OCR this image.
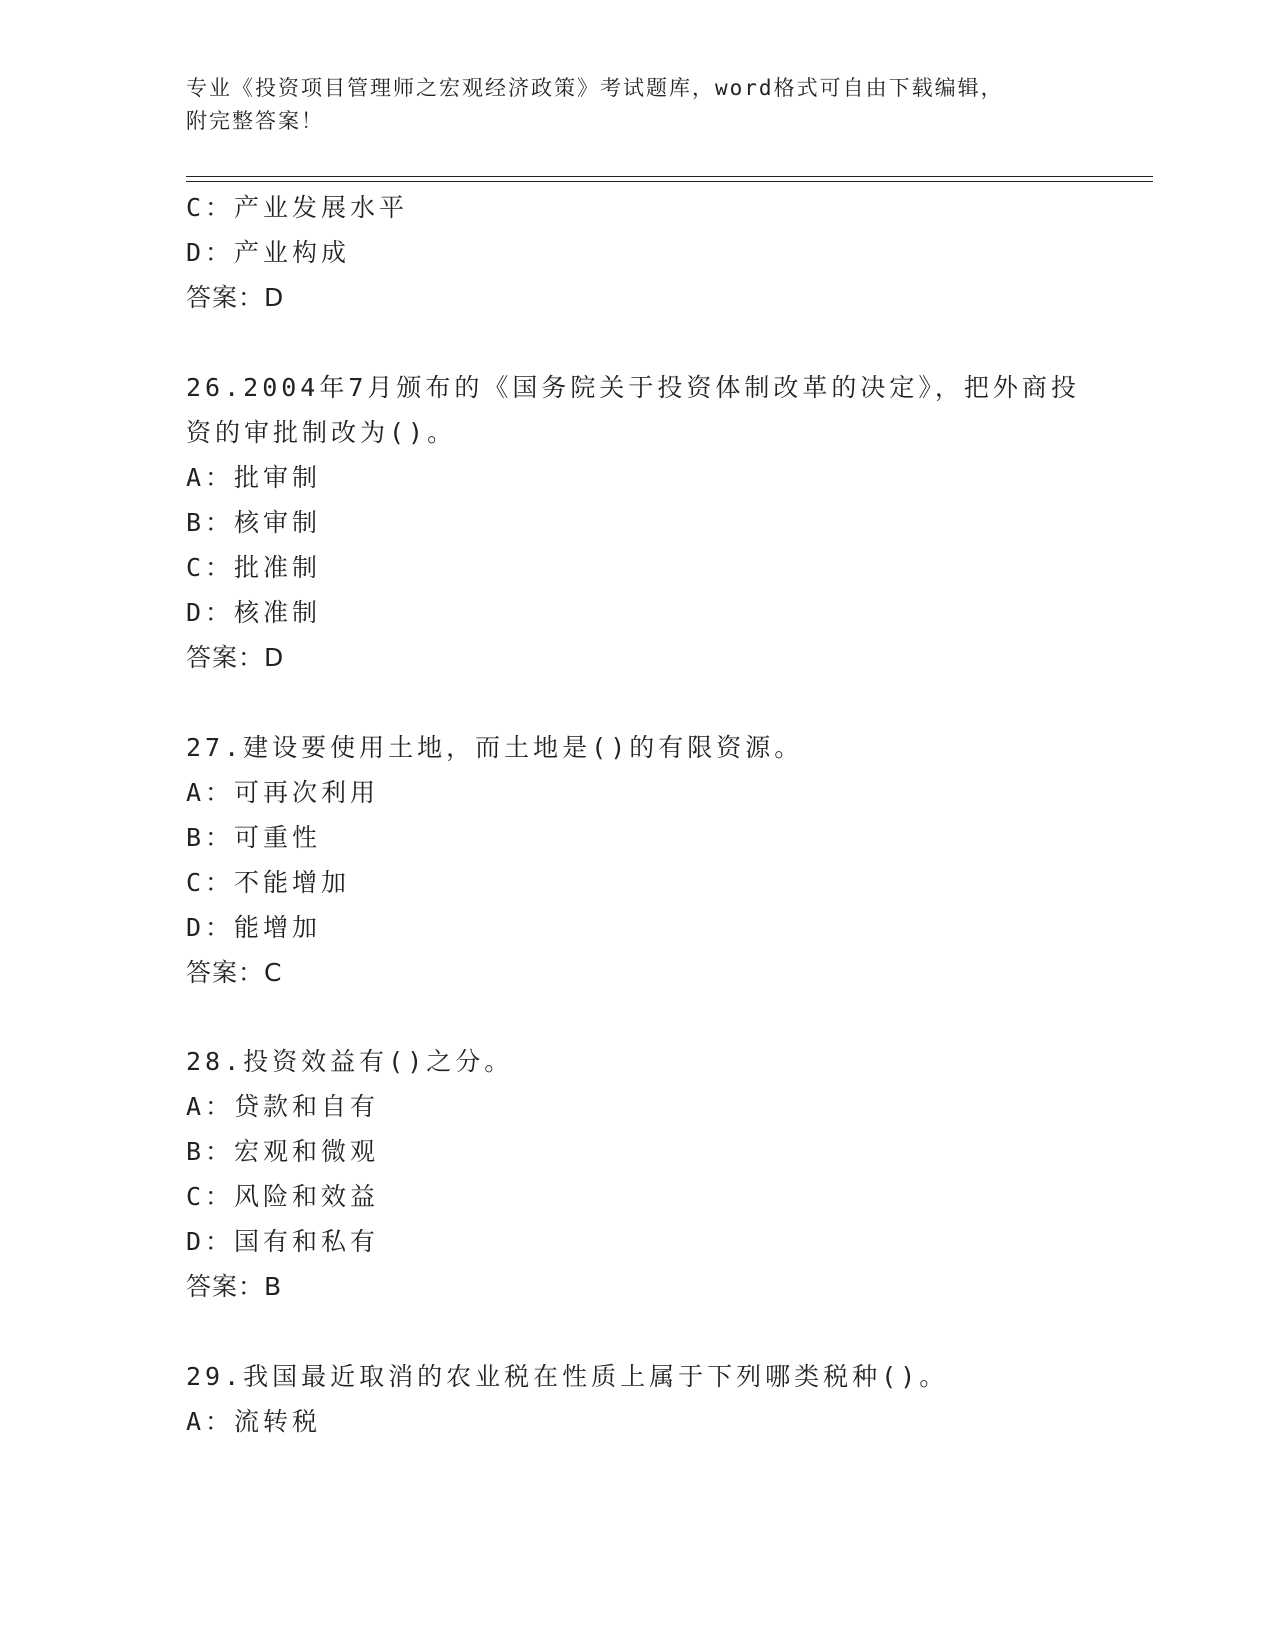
专业《投资项目管理师之宏观经济政策》考试题库，word格式可自由下载编辑，
附完整答案！
C：产业发展水平
D：产业构成
答案：D
26.2004年7月颁布的《国务院关于投资体制改革的决定》，把外商投
资的审批制改为()。
A：批审制
B：核审制
C：批准制
D：核准制
答案：D
27.建设要使用土地，而土地是()的有限资源。
A：可再次利用
B：可重性
C：不能增加
D：能增加
答案：C
28.投资效益有()之分。
A：贷款和自有
B：宏观和微观
C：风险和效益
D：国有和私有
答案：B
29.我国最近取消的农业税在性质上属于下列哪类税种()。
A：流转税
